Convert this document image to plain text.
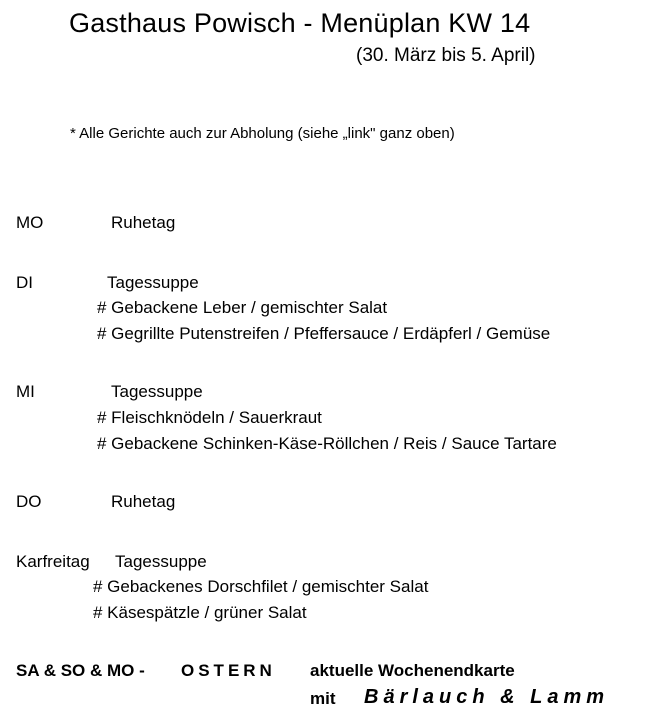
Gasthaus Powisch - Menüplan KW 14
(30. März bis 5. April)
* Alle Gerichte auch zur Abholung (siehe „link" ganz oben)
MO	Ruhetag
DI	Tagessuppe
# Gebackene Leber / gemischter Salat
# Gegrillte Putenstreifen / Pfeffersauce / Erdäpferl / Gemüse
MI	Tagessuppe
# Fleischknödeln / Sauerkraut
# Gebackene Schinken-Käse-Röllchen / Reis / Sauce Tartare
DO	Ruhetag
Karfreitag Tagessuppe
# Gebackenes Dorschfilet / gemischter Salat
# Käsespätzle / grüner Salat
SA & SO & MO - OSTERN aktuelle Wochenendkarte
mit Bärlauch & Lamm
